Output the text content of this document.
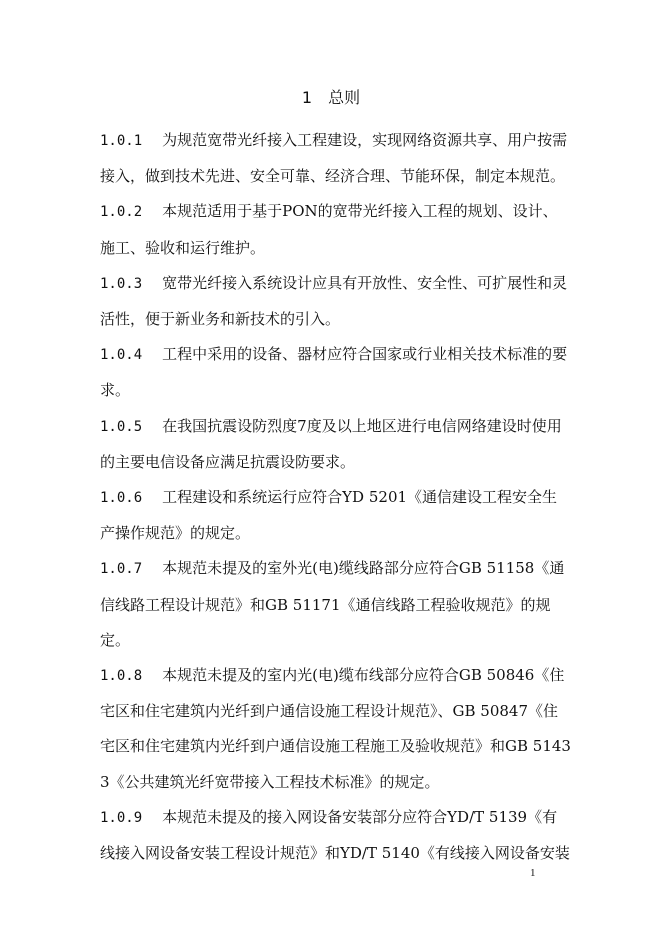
1　总则

1.0.1 为规范宽带光纤接入工程建设，实现网络资源共享、用户按需接入，做到技术先进、安全可靠、经济合理、节能环保，制定本规范。

1.0.2 本规范适用于基于PON的宽带光纤接入工程的规划、设计、施工、验收和运行维护。

1.0.3 宽带光纤接入系统设计应具有开放性、安全性、可扩展性和灵活性，便于新业务和新技术的引入。

1.0.4 工程中采用的设备、器材应符合国家或行业相关技术标准的要求。

1.0.5 在我国抗震设防烈度7度及以上地区进行电信网络建设时使用的主要电信设备应满足抗震设防要求。

1.0.6 工程建设和系统运行应符合YD 5201《通信建设工程安全生产操作规范》的规定。

1.0.7 本规范未提及的室外光(电)缆线路部分应符合GB 51158《通信线路工程设计规范》和GB 51171《通信线路工程验收规范》的规定。

1.0.8 本规范未提及的室内光(电)缆布线部分应符合GB 50846《住宅区和住宅建筑内光纤到户通信设施工程设计规范》、GB 50847《住宅区和住宅建筑内光纤到户通信设施工程施工及验收规范》和GB 51433《公共建筑光纤宽带接入工程技术标准》的规定。

1.0.9 本规范未提及的接入网设备安装部分应符合YD/T 5139《有线接入网设备安装工程设计规范》和YD/T 5140《有线接入网设备安装

1
